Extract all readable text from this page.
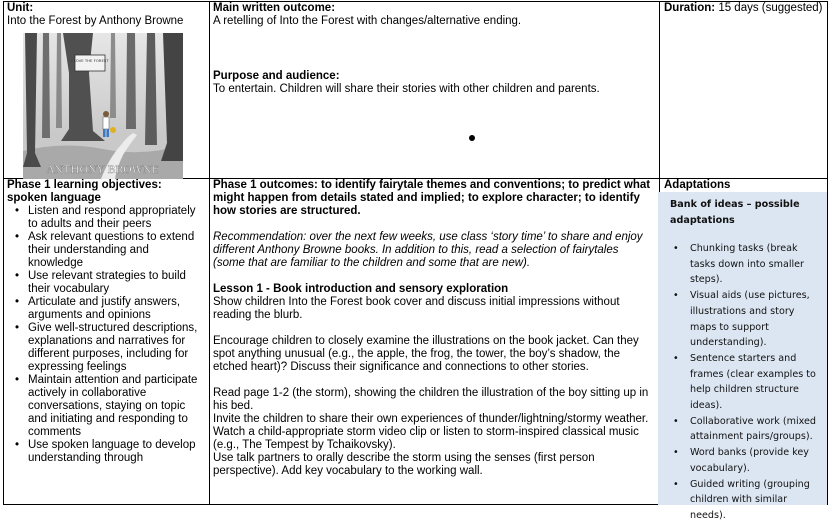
Unit:
Into the Forest by Anthony Browne
I LOVE THE FOREST
ANTHONY BROWNE
Main written outcome:
A retelling of Into the Forest with changes/alternative ending.
Purpose and audience:
To entertain. Children will share their stories with other children and parents.
Duration: 15 days (suggested)
Phase 1 learning objectives: spoken language
• Listen and respond appropriately to adults and their peers
• Ask relevant questions to extend their understanding and knowledge
• Use relevant strategies to build their vocabulary
• Articulate and justify answers, arguments and opinions
• Give well-structured descriptions, explanations and narratives for different purposes, including for expressing feelings
• Maintain attention and participate actively in collaborative conversations, staying on topic and initiating and responding to comments
• Use spoken language to develop understanding through
Phase 1 outcomes: to identify fairytale themes and conventions; to predict what might happen from details stated and implied; to explore character; to identify how stories are structured.
Recommendation: over the next few weeks, use class ‘story time’ to share and enjoy different Anthony Browne books. In addition to this, read a selection of fairytales (some that are familiar to the children and some that are new).
Lesson 1 - Book introduction and sensory exploration
Show children Into the Forest book cover and discuss initial impressions without reading the blurb.
Encourage children to closely examine the illustrations on the book jacket. Can they spot anything unusual (e.g., the apple, the frog, the tower, the boy’s shadow, the etched heart)? Discuss their significance and connections to other stories.
Read page 1-2 (the storm), showing the children the illustration of the boy sitting up in his bed.
Invite the children to share their own experiences of thunder/lightning/stormy weather.
Watch a child-appropriate storm video clip or listen to storm-inspired classical music (e.g., The Tempest by Tchaikovsky).
Use talk partners to orally describe the storm using the senses (first person perspective). Add key vocabulary to the working wall.
Adaptations
Bank of ideas – possible adaptations
• Chunking tasks (break tasks down into smaller steps).
• Visual aids (use pictures, illustrations and story maps to support understanding).
• Sentence starters and frames (clear examples to help children structure ideas).
• Collaborative work (mixed attainment pairs/groups).
• Word banks (provide key vocabulary).
• Guided writing (grouping children with similar needs).
